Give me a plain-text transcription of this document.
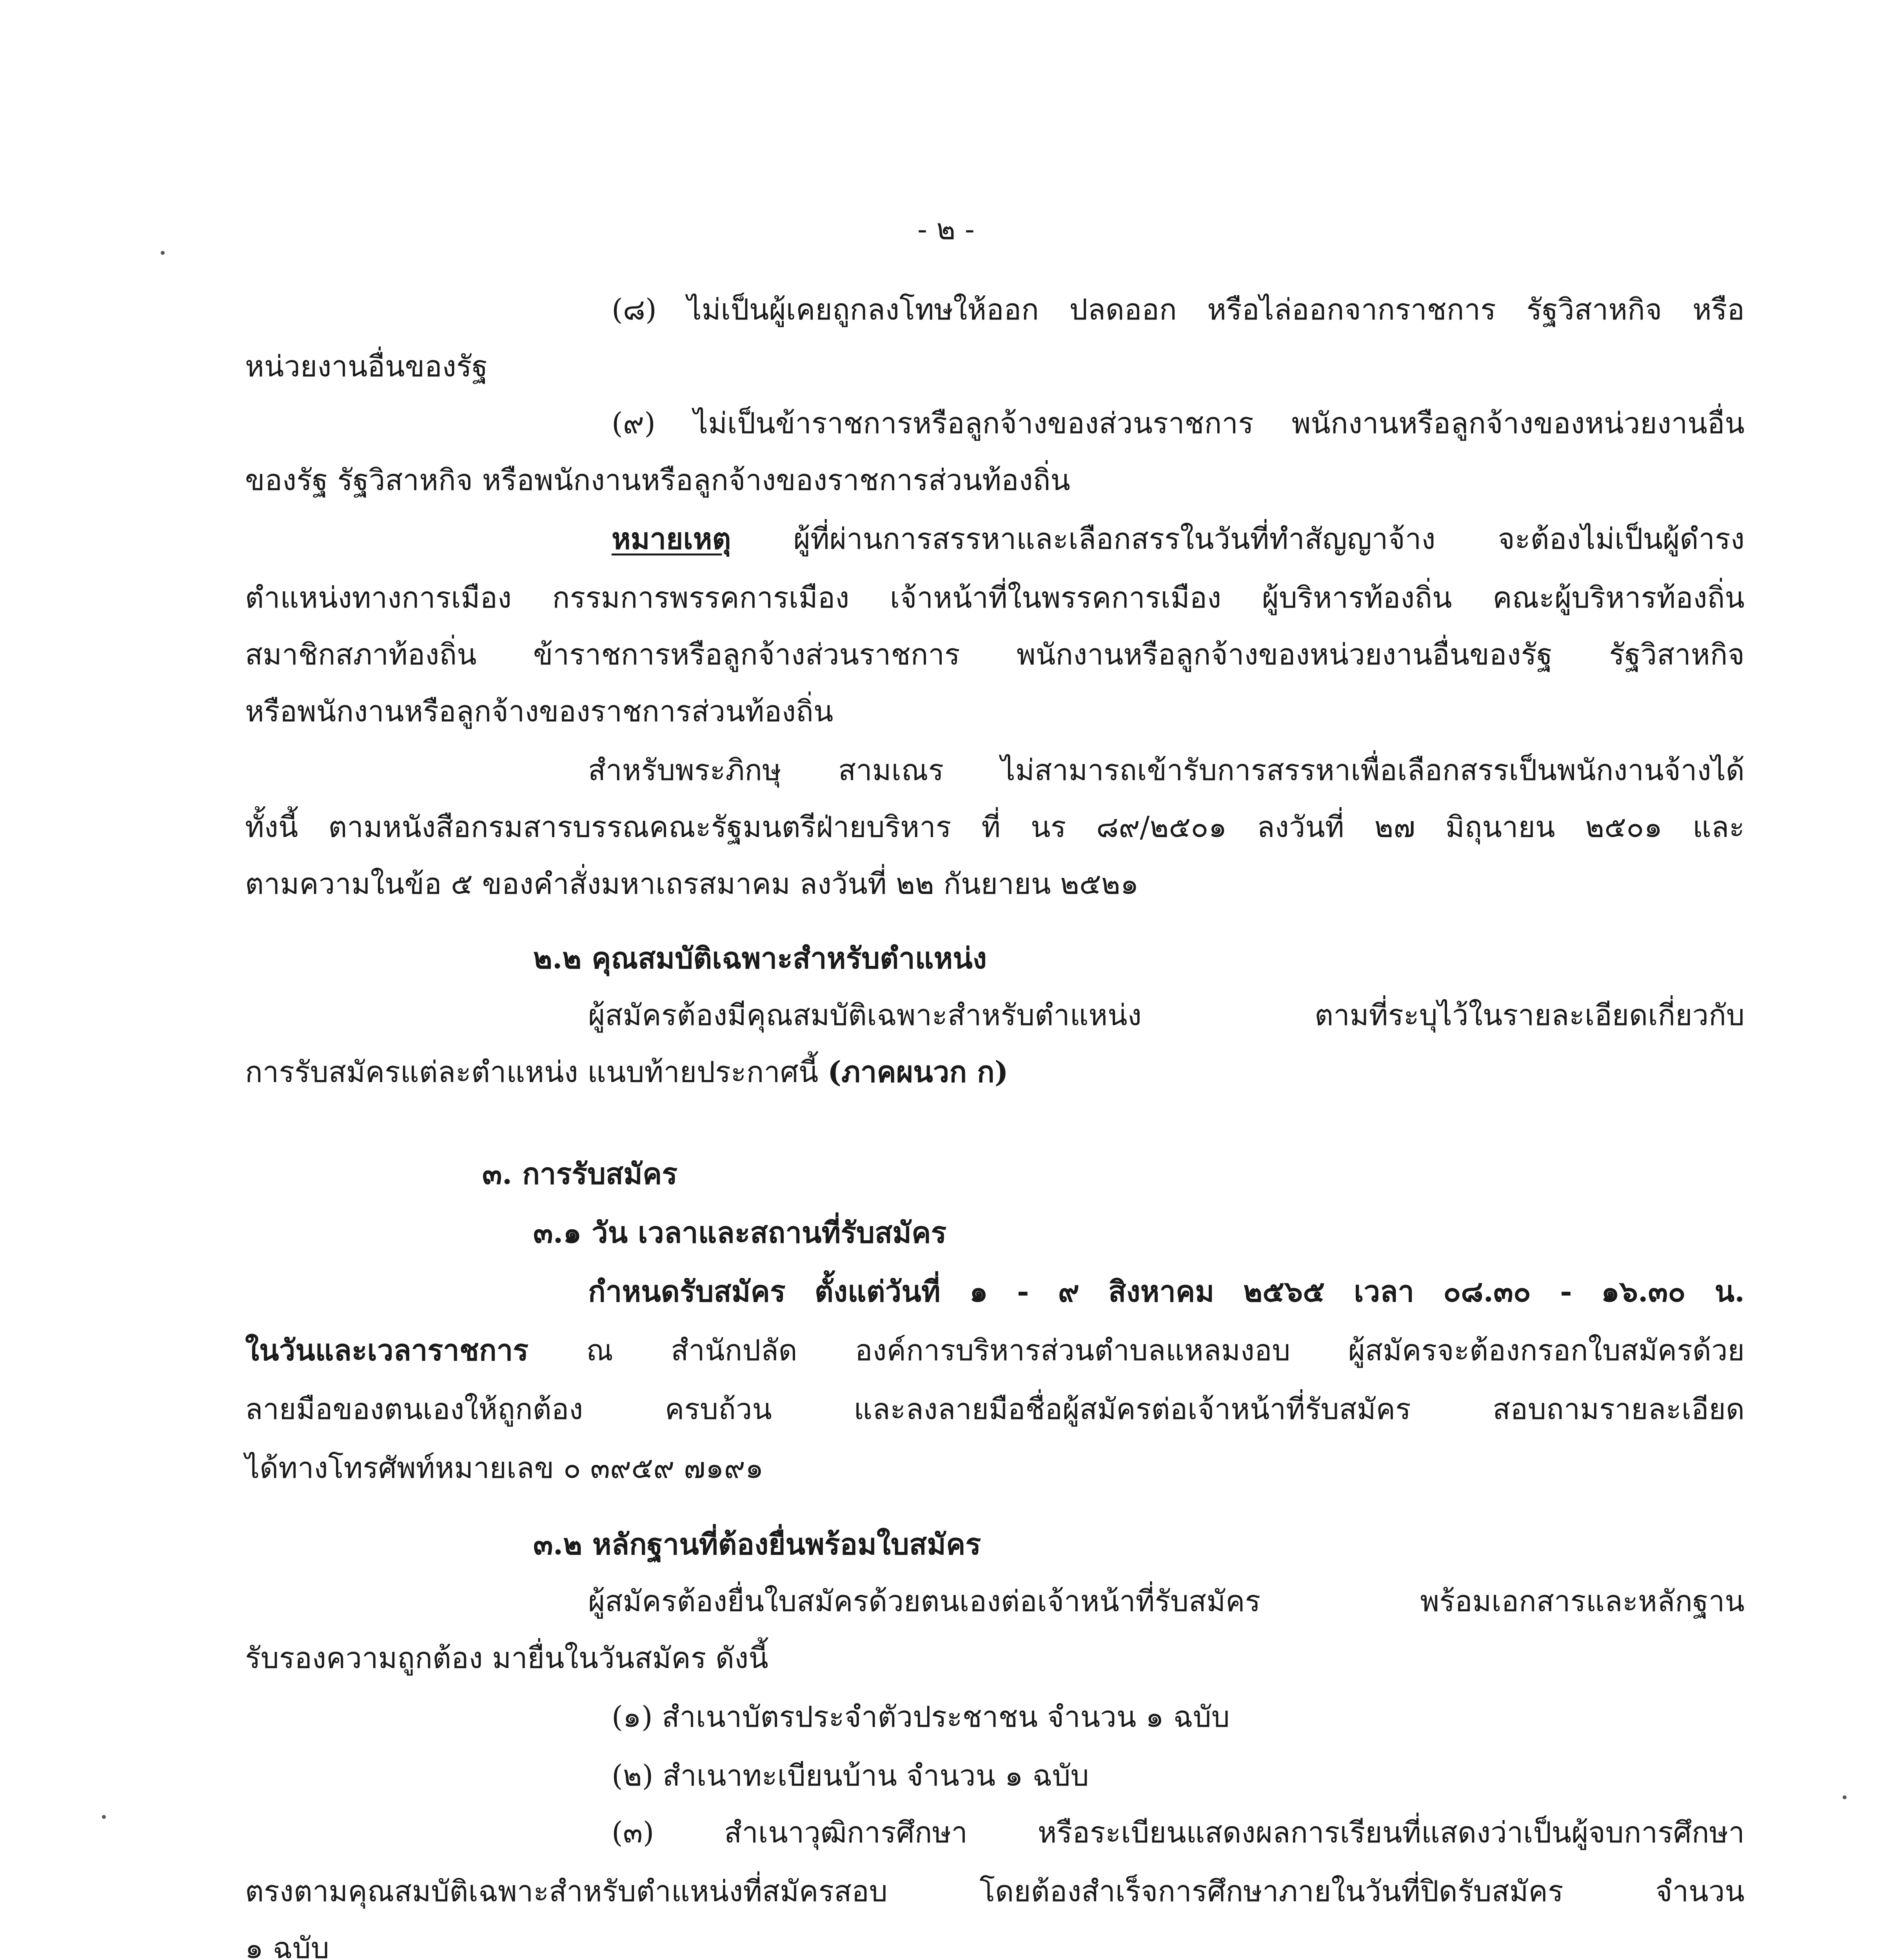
- ๒ -
(๘) ไม่เป็นผู้เคยถูกลงโทษให้ออก ปลดออก หรือไล่ออกจากราชการ รัฐวิสาหกิจ หรือ
หน่วยงานอื่นของรัฐ
(๙) ไม่เป็นข้าราชการหรือลูกจ้างของส่วนราชการ พนักงานหรือลูกจ้างของหน่วยงานอื่น
ของรัฐ รัฐวิสาหกิจ หรือพนักงานหรือลูกจ้างของราชการส่วนท้องถิ่น
หมายเหตุ ผู้ที่ผ่านการสรรหาและเลือกสรรในวันที่ทำสัญญาจ้าง จะต้องไม่เป็นผู้ดำรง
ตำแหน่งทางการเมือง กรรมการพรรคการเมือง เจ้าหน้าที่ในพรรคการเมือง ผู้บริหารท้องถิ่น คณะผู้บริหารท้องถิ่น
สมาชิกสภาท้องถิ่น ข้าราชการหรือลูกจ้างส่วนราชการ พนักงานหรือลูกจ้างของหน่วยงานอื่นของรัฐ รัฐวิสาหกิจ
หรือพนักงานหรือลูกจ้างของราชการส่วนท้องถิ่น
สำหรับพระภิกษุ สามเณร ไม่สามารถเข้ารับการสรรหาเพื่อเลือกสรรเป็นพนักงานจ้างได้
ทั้งนี้ ตามหนังสือกรมสารบรรณคณะรัฐมนตรีฝ่ายบริหาร ที่ นร ๘๙/๒๕๐๑ ลงวันที่ ๒๗ มิถุนายน ๒๕๐๑ และ
ตามความในข้อ ๕ ของคำสั่งมหาเถรสมาคม ลงวันที่ ๒๒ กันยายน ๒๕๒๑
๒.๒ คุณสมบัติเฉพาะสำหรับตำแหน่ง
ผู้สมัครต้องมีคุณสมบัติเฉพาะสำหรับตำแหน่ง ตามที่ระบุไว้ในรายละเอียดเกี่ยวกับ
การรับสมัครแต่ละตำแหน่ง แนบท้ายประกาศนี้ (ภาคผนวก ก)
๓. การรับสมัคร
๓.๑ วัน เวลาและสถานที่รับสมัคร
กำหนดรับสมัคร ตั้งแต่วันที่ ๑ - ๙ สิงหาคม ๒๕๖๕ เวลา ๐๘.๓๐ - ๑๖.๓๐ น.
ในวันและเวลาราชการ ณ สำนักปลัด องค์การบริหารส่วนตำบลแหลมงอบ ผู้สมัครจะต้องกรอกใบสมัครด้วย
ลายมือของตนเองให้ถูกต้อง ครบถ้วน และลงลายมือชื่อผู้สมัครต่อเจ้าหน้าที่รับสมัคร สอบถามรายละเอียด
ได้ทางโทรศัพท์หมายเลข ๐ ๓๙๕๙ ๗๑๙๑
๓.๒ หลักฐานที่ต้องยื่นพร้อมใบสมัคร
ผู้สมัครต้องยื่นใบสมัครด้วยตนเองต่อเจ้าหน้าที่รับสมัคร พร้อมเอกสารและหลักฐาน
รับรองความถูกต้อง มายื่นในวันสมัคร ดังนี้
(๑) สำเนาบัตรประจำตัวประชาชน จำนวน ๑ ฉบับ
(๒) สำเนาทะเบียนบ้าน จำนวน ๑ ฉบับ
(๓) สำเนาวุฒิการศึกษา หรือระเบียนแสดงผลการเรียนที่แสดงว่าเป็นผู้จบการศึกษา
ตรงตามคุณสมบัติเฉพาะสำหรับตำแหน่งที่สมัครสอบ โดยต้องสำเร็จการศึกษาภายในวันที่ปิดรับสมัคร จำนวน
๑ ฉบับ
